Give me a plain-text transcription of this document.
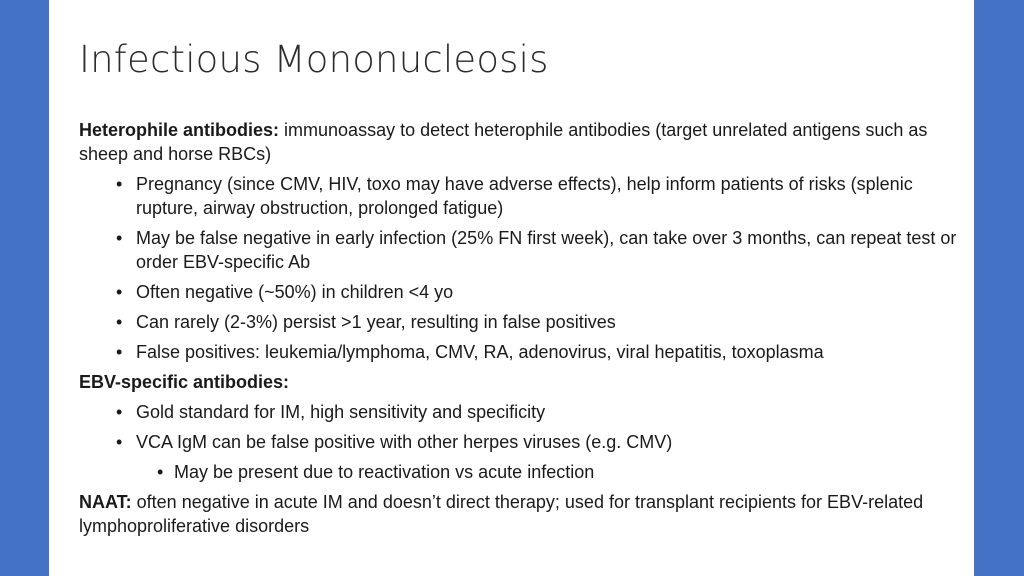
Infectious Mononucleosis

Heterophile antibodies: immunoassay to detect heterophile antibodies (target unrelated antigens such as sheep and horse RBCs)

• Pregnancy (since CMV, HIV, toxo may have adverse effects), help inform patients of risks (splenic rupture, airway obstruction, prolonged fatigue)
• May be false negative in early infection (25% FN first week), can take over 3 months, can repeat test or order EBV-specific Ab
• Often negative (~50%) in children <4 yo
• Can rarely (2-3%) persist >1 year, resulting in false positives
• False positives: leukemia/lymphoma, CMV, RA, adenovirus, viral hepatitis, toxoplasma

EBV-specific antibodies:

• Gold standard for IM, high sensitivity and specificity
• VCA IgM can be false positive with other herpes viruses (e.g. CMV)
• May be present due to reactivation vs acute infection

NAAT: often negative in acute IM and doesn’t direct therapy; used for transplant recipients for EBV-related lymphoproliferative disorders
